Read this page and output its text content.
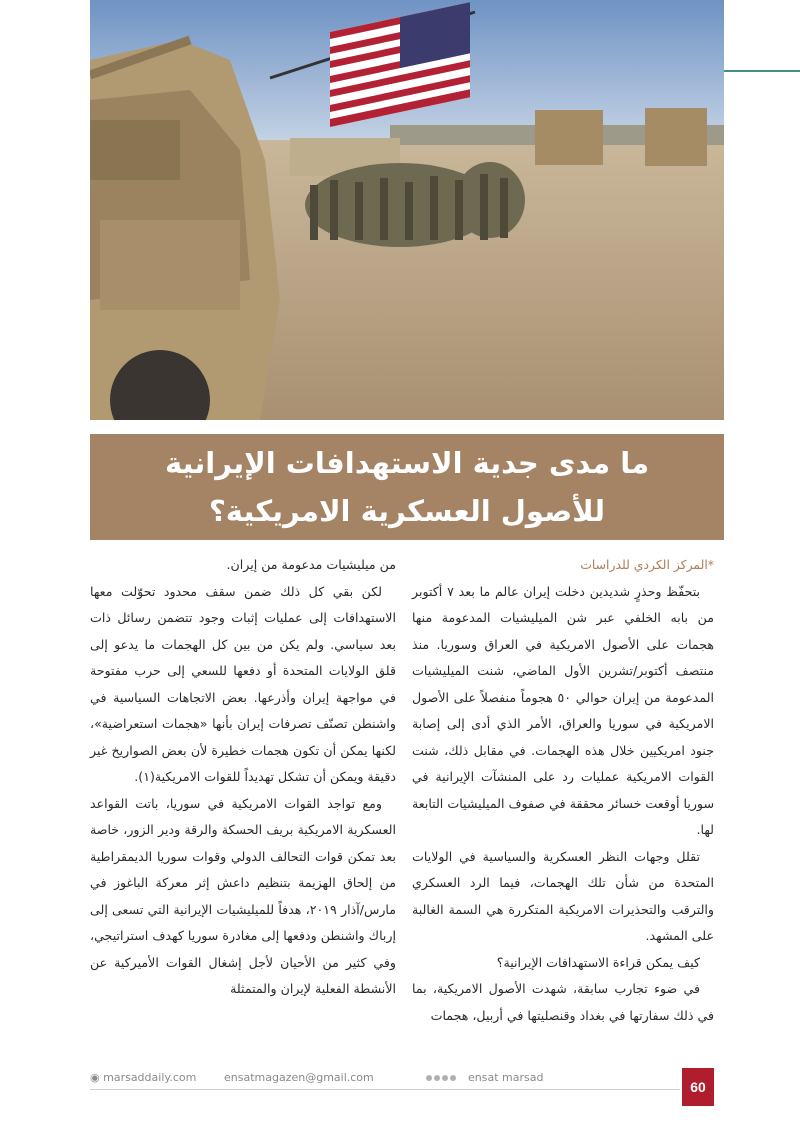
ما مدى جدية الاستهدافات الإيرانية
للأصول العسكرية الامريكية؟

*المركز الكردي للدراسات

بتحفّظ وحذرٍ شديدين دخلت إيران عالم ما بعد ٧ أكتوبر من بابه الخلفي عبر شن الميليشيات المدعومة منها هجمات على الأصول الامريكية في العراق وسوريا. منذ منتصف أكتوبر/تشرين الأول الماضي، شنت الميليشيات المدعومة من إيران حوالي ٥٠ هجوماً منفصلاً على الأصول الامريكية في سوريا والعراق، الأمر الذي أدى إلى إصابة جنود امريكيين خلال هذه الهجمات. في مقابل ذلك، شنت القوات الامريكية عمليات رد على المنشآت الإيرانية في سوريا أوقعت خسائر محققة في صفوف الميليشيات التابعة لها.

تقلل وجهات النظر العسكرية والسياسية في الولايات المتحدة من شأن تلك الهجمات، فيما الرد العسكري والترقب والتحذيرات الامريكية المتكررة هي السمة الغالبة على المشهد.

كيف يمكن قراءة الاستهدافات الإيرانية؟

في ضوء تجارب سابقة، شهدت الأصول الامريكية، بما في ذلك سفارتها في بغداد وقنصليتها في أربيل، هجمات

من ميليشيات مدعومة من إيران.

لكن بقي كل ذلك ضمن سقف محدود تحوّلت معها الاستهدافات إلى عمليات إثبات وجود تتضمن رسائل ذات بعد سياسي. ولم يكن من بين كل الهجمات ما يدعو إلى قلق الولايات المتحدة أو دفعها للسعي إلى حرب مفتوحة في مواجهة إيران وأذرعها. بعض الاتجاهات السياسية في واشنطن تصنّف تصرفات إيران بأنها «هجمات استعراضية»، لكنها يمكن أن تكون هجمات خطيرة لأن بعض الصواريخ غير دقيقة ويمكن أن تشكل تهديداً للقوات الامريكية(١).

ومع تواجد القوات الامريكية في سوريا، باتت القواعد العسكرية الامريكية بريف الحسكة والرقة ودير الزور، خاصة بعد تمكن قوات التحالف الدولي وقوات سوريا الديمقراطية من إلحاق الهزيمة بتنظيم داعش إثر معركة الباغوز في مارس/آذار ٢٠١٩، هدفاً للميليشيات الإيرانية التي تسعى إلى إرباك واشنطن ودفعها إلى مغادرة سوريا كهدف استراتيجي، وفي كثير من الأحيان لأجل إشغال القوات الأميركية عن الأنشطة الفعلية لإيران والمتمثلة

◉ marsaddaily.com	ensatmagazen@gmail.com	ensat marsad
60
